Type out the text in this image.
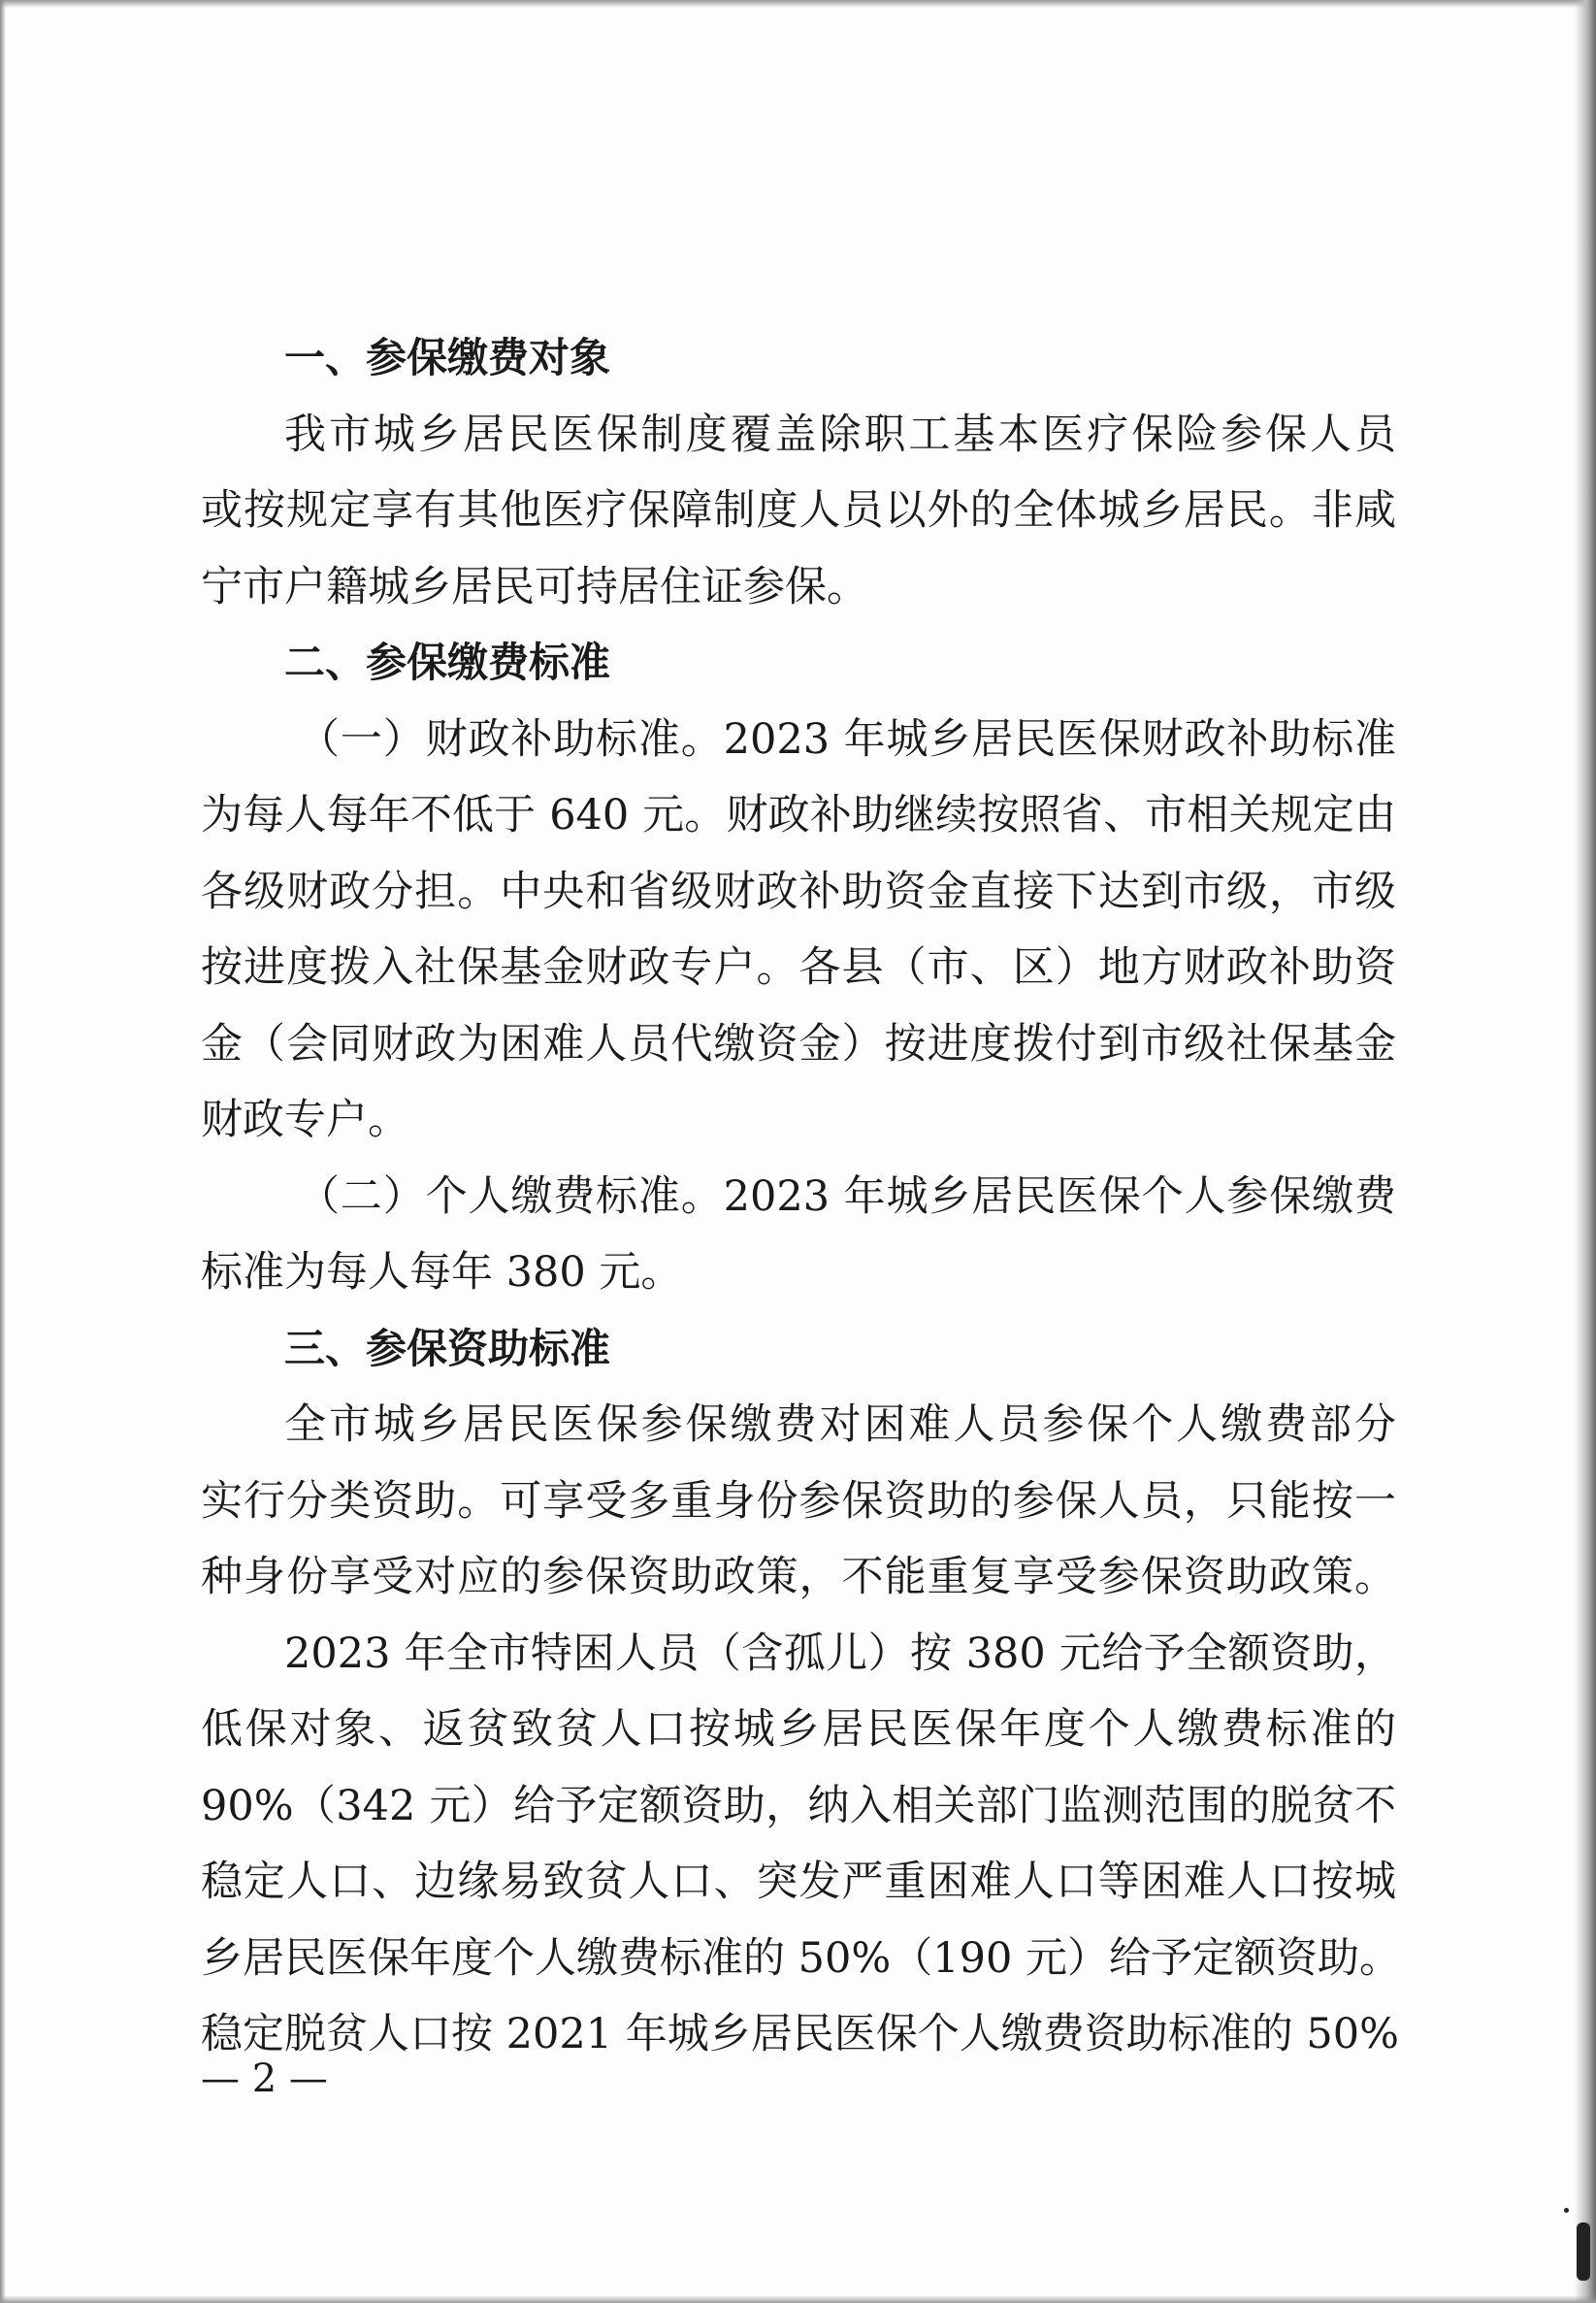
一、参保缴费对象
我市城乡居民医保制度覆盖除职工基本医疗保险参保人员
或按规定享有其他医疗保障制度人员以外的全体城乡居民。非咸
宁市户籍城乡居民可持居住证参保。
二、参保缴费标准
（一）财政补助标准。2023 年城乡居民医保财政补助标准
为每人每年不低于 640 元。财政补助继续按照省、市相关规定由
各级财政分担。中央和省级财政补助资金直接下达到市级，市级
按进度拨入社保基金财政专户。各县（市、区）地方财政补助资
金（会同财政为困难人员代缴资金）按进度拨付到市级社保基金
财政专户。
（二）个人缴费标准。2023 年城乡居民医保个人参保缴费
标准为每人每年 380 元。
三、参保资助标准
全市城乡居民医保参保缴费对困难人员参保个人缴费部分
实行分类资助。可享受多重身份参保资助的参保人员，只能按一
种身份享受对应的参保资助政策，不能重复享受参保资助政策。
2023 年全市特困人员（含孤儿）按 380 元给予全额资助，
低保对象、返贫致贫人口按城乡居民医保年度个人缴费标准的
90%（342 元）给予定额资助，纳入相关部门监测范围的脱贫不
稳定人口、边缘易致贫人口、突发严重困难人口等困难人口按城
乡居民医保年度个人缴费标准的 50%（190 元）给予定额资助。
稳定脱贫人口按 2021 年城乡居民医保个人缴费资助标准的 50%
— 2 —
